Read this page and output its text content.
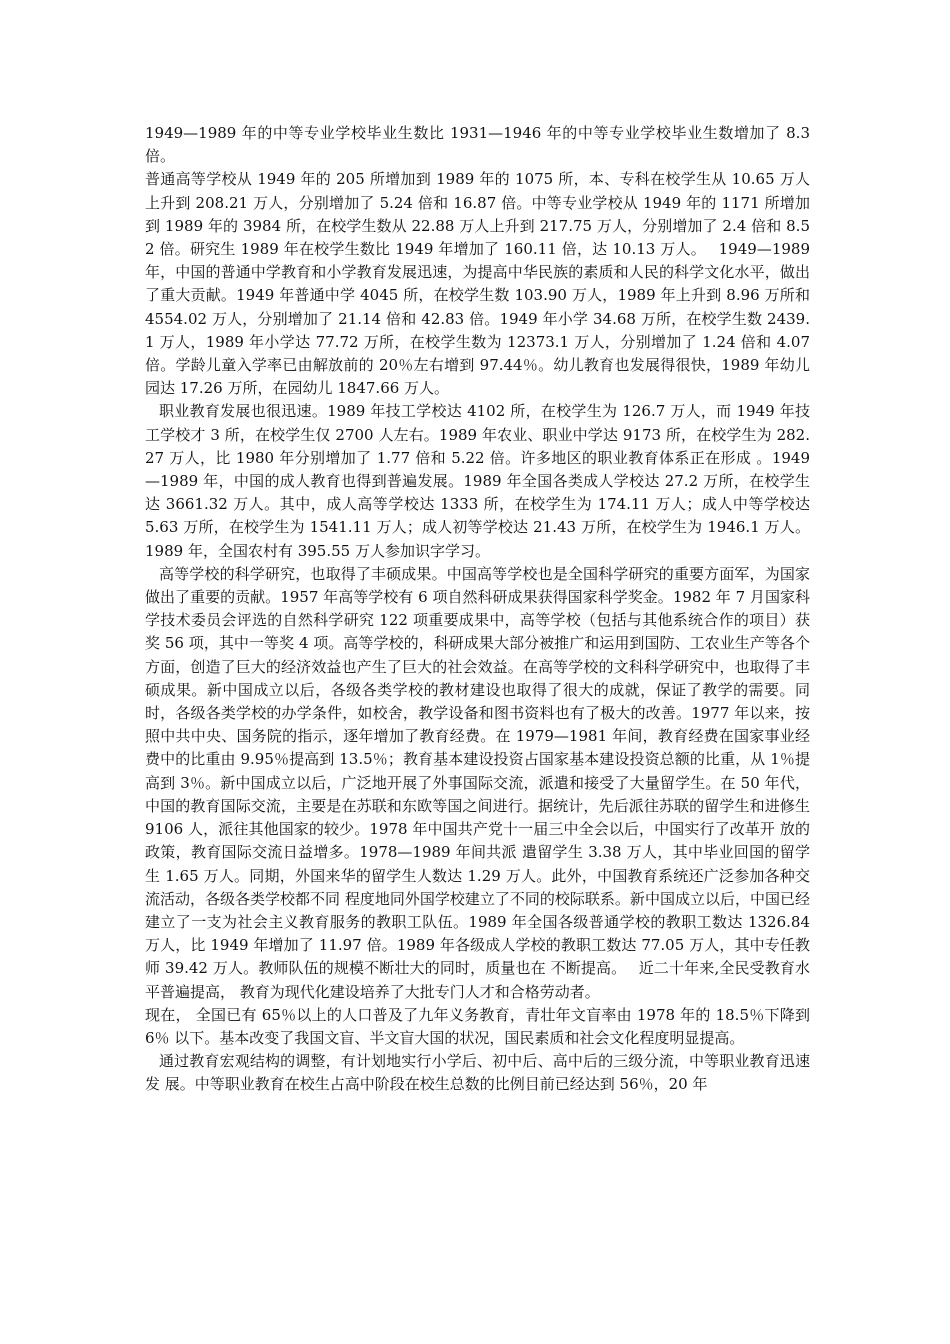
1949—1989 年的中等专业学校毕业生数比 1931—1946 年的中等专业学校毕业生数增加了 8.3 倍。

普通高等学校从 1949 年的 205 所增加到 1989 年的 1075 所，本、专科在校学生从 10.65 万人上升到 208.21 万人，分别增加了 5.24 倍和 16.87 倍。中等专业学校从 1949 年的 1171 所增加到 1989 年的 3984 所，在校学生数从 22.88 万人上升到 217.75 万人，分别增加了 2.4 倍和 8.52 倍。研究生 1989 年在校学生数比 1949 年增加了 160.11 倍，达 10.13 万人。　 1949—1989 年，中国的普通中学教育和小学教育发展迅速，为提高中华民族的素质和人民的科学文化水平，做出了重大贡献。1949 年普通中学 4045 所，在校学生数 103.90 万人，1989 年上升到 8.96 万所和 4554.02 万人，分别增加了 21.14 倍和 42.83 倍。1949 年小学 34.68 万所，在校学生数 2439.1 万人，1989 年小学达 77.72 万所，在校学生数为 12373.1 万人，分别增加了 1.24 倍和 4.07 倍。学龄儿童入学率已由解放前的 20％左右增到 97.44％。幼儿教育也发展得很快，1989 年幼儿园达 17.26 万所，在园幼儿 1847.66 万人。

职业教育发展也很迅速。1989 年技工学校达 4102 所，在校学生为 126.7 万人，而 1949 年技工学校才 3 所，在校学生仅 2700 人左右。1989 年农业、职业中学达 9173 所，在校学生为 282.27 万人，比 1980 年分别增加了 1.77 倍和 5.22 倍。许多地区的职业教育体系正在形成 。1949—1989 年，中国的成人教育也得到普遍发展。1989 年全国各类成人学校达 27.2 万所，在校学生达 3661.32 万人。其中，成人高等学校达 1333 所，在校学生为 174.11 万人；成人中等学校达 5.63 万所，在校学生为 1541.11 万人；成人初等学校达 21.43 万所，在校学生为 1946.1 万人。1989 年，全国农村有 395.55 万人参加识字学习。

高等学校的科学研究，也取得了丰硕成果。中国高等学校也是全国科学研究的重要方面军，为国家做出了重要的贡献。1957 年高等学校有 6 项自然科研成果获得国家科学奖金。1982 年 7 月国家科学技术委员会评选的自然科学研究 122 项重要成果中，高等学校（包括与其他系统合作的项目）获奖 56 项，其中一等奖 4 项。高等学校的，科研成果大部分被推广和运用到国防、工农业生产等各个方面，创造了巨大的经济效益也产生了巨大的社会效益。在高等学校的文科科学研究中，也取得了丰硕成果。新中国成立以后，各级各类学校的教材建设也取得了很大的成就，保证了教学的需要。同时，各级各类学校的办学条件，如校舍，教学设备和图书资料也有了极大的改善。1977 年以来，按照中共中央、国务院的指示，逐年增加了教育经费。在 1979—1981 年间，教育经费在国家事业经费中的比重由 9.95％提高到 13.5％；教育基本建设投资占国家基本建设投资总额的比重，从 1％提高到 3％。新中国成立以后，广泛地开展了外事国际交流，派遣和接受了大量留学生。在 50 年代，中国的教育国际交流，主要是在苏联和东欧等国之间进行。据统计，先后派往苏联的留学生和进修生 9106 人，派往其他国家的较少。1978 年中国共产党十一届三中全会以后，中国实行了改革开 放的政策，教育国际交流日益增多。1978—1989 年间共派 遣留学生 3.38 万人，其中毕业回国的留学生 1.65 万人。同期，外国来华的留学生人数达 1.29 万人。此外，中国教育系统还广泛参加各种交流活动，各级各类学校都不同 程度地同外国学校建立了不同的校际联系。新中国成立以后，中国已经建立了一支为社会主义教育服务的教职工队伍。1989 年全国各级普通学校的教职工数达 1326.84 万人，比 1949 年增加了 11.97 倍。1989 年各级成人学校的教职工数达 77.05 万人，其中专任教师 39.42 万人。教师队伍的规模不断壮大的同时，质量也在 不断提高。　 近二十年来,全民受教育水平普遍提高， 教育为现代化建设培养了大批专门人才和合格劳动者。

现在， 全国已有 65％以上的人口普及了九年义务教育，青壮年文盲率由 1978 年的 18.5％下降到 6％ 以下。基本改变了我国文盲、半文盲大国的状况，国民素质和社会文化程度明显提高。

通过教育宏观结构的调整，有计划地实行小学后、初中后、高中后的三级分流，中等职业教育迅速发 展。中等职业教育在校生占高中阶段在校生总数的比例目前已经达到 56％，20 年
